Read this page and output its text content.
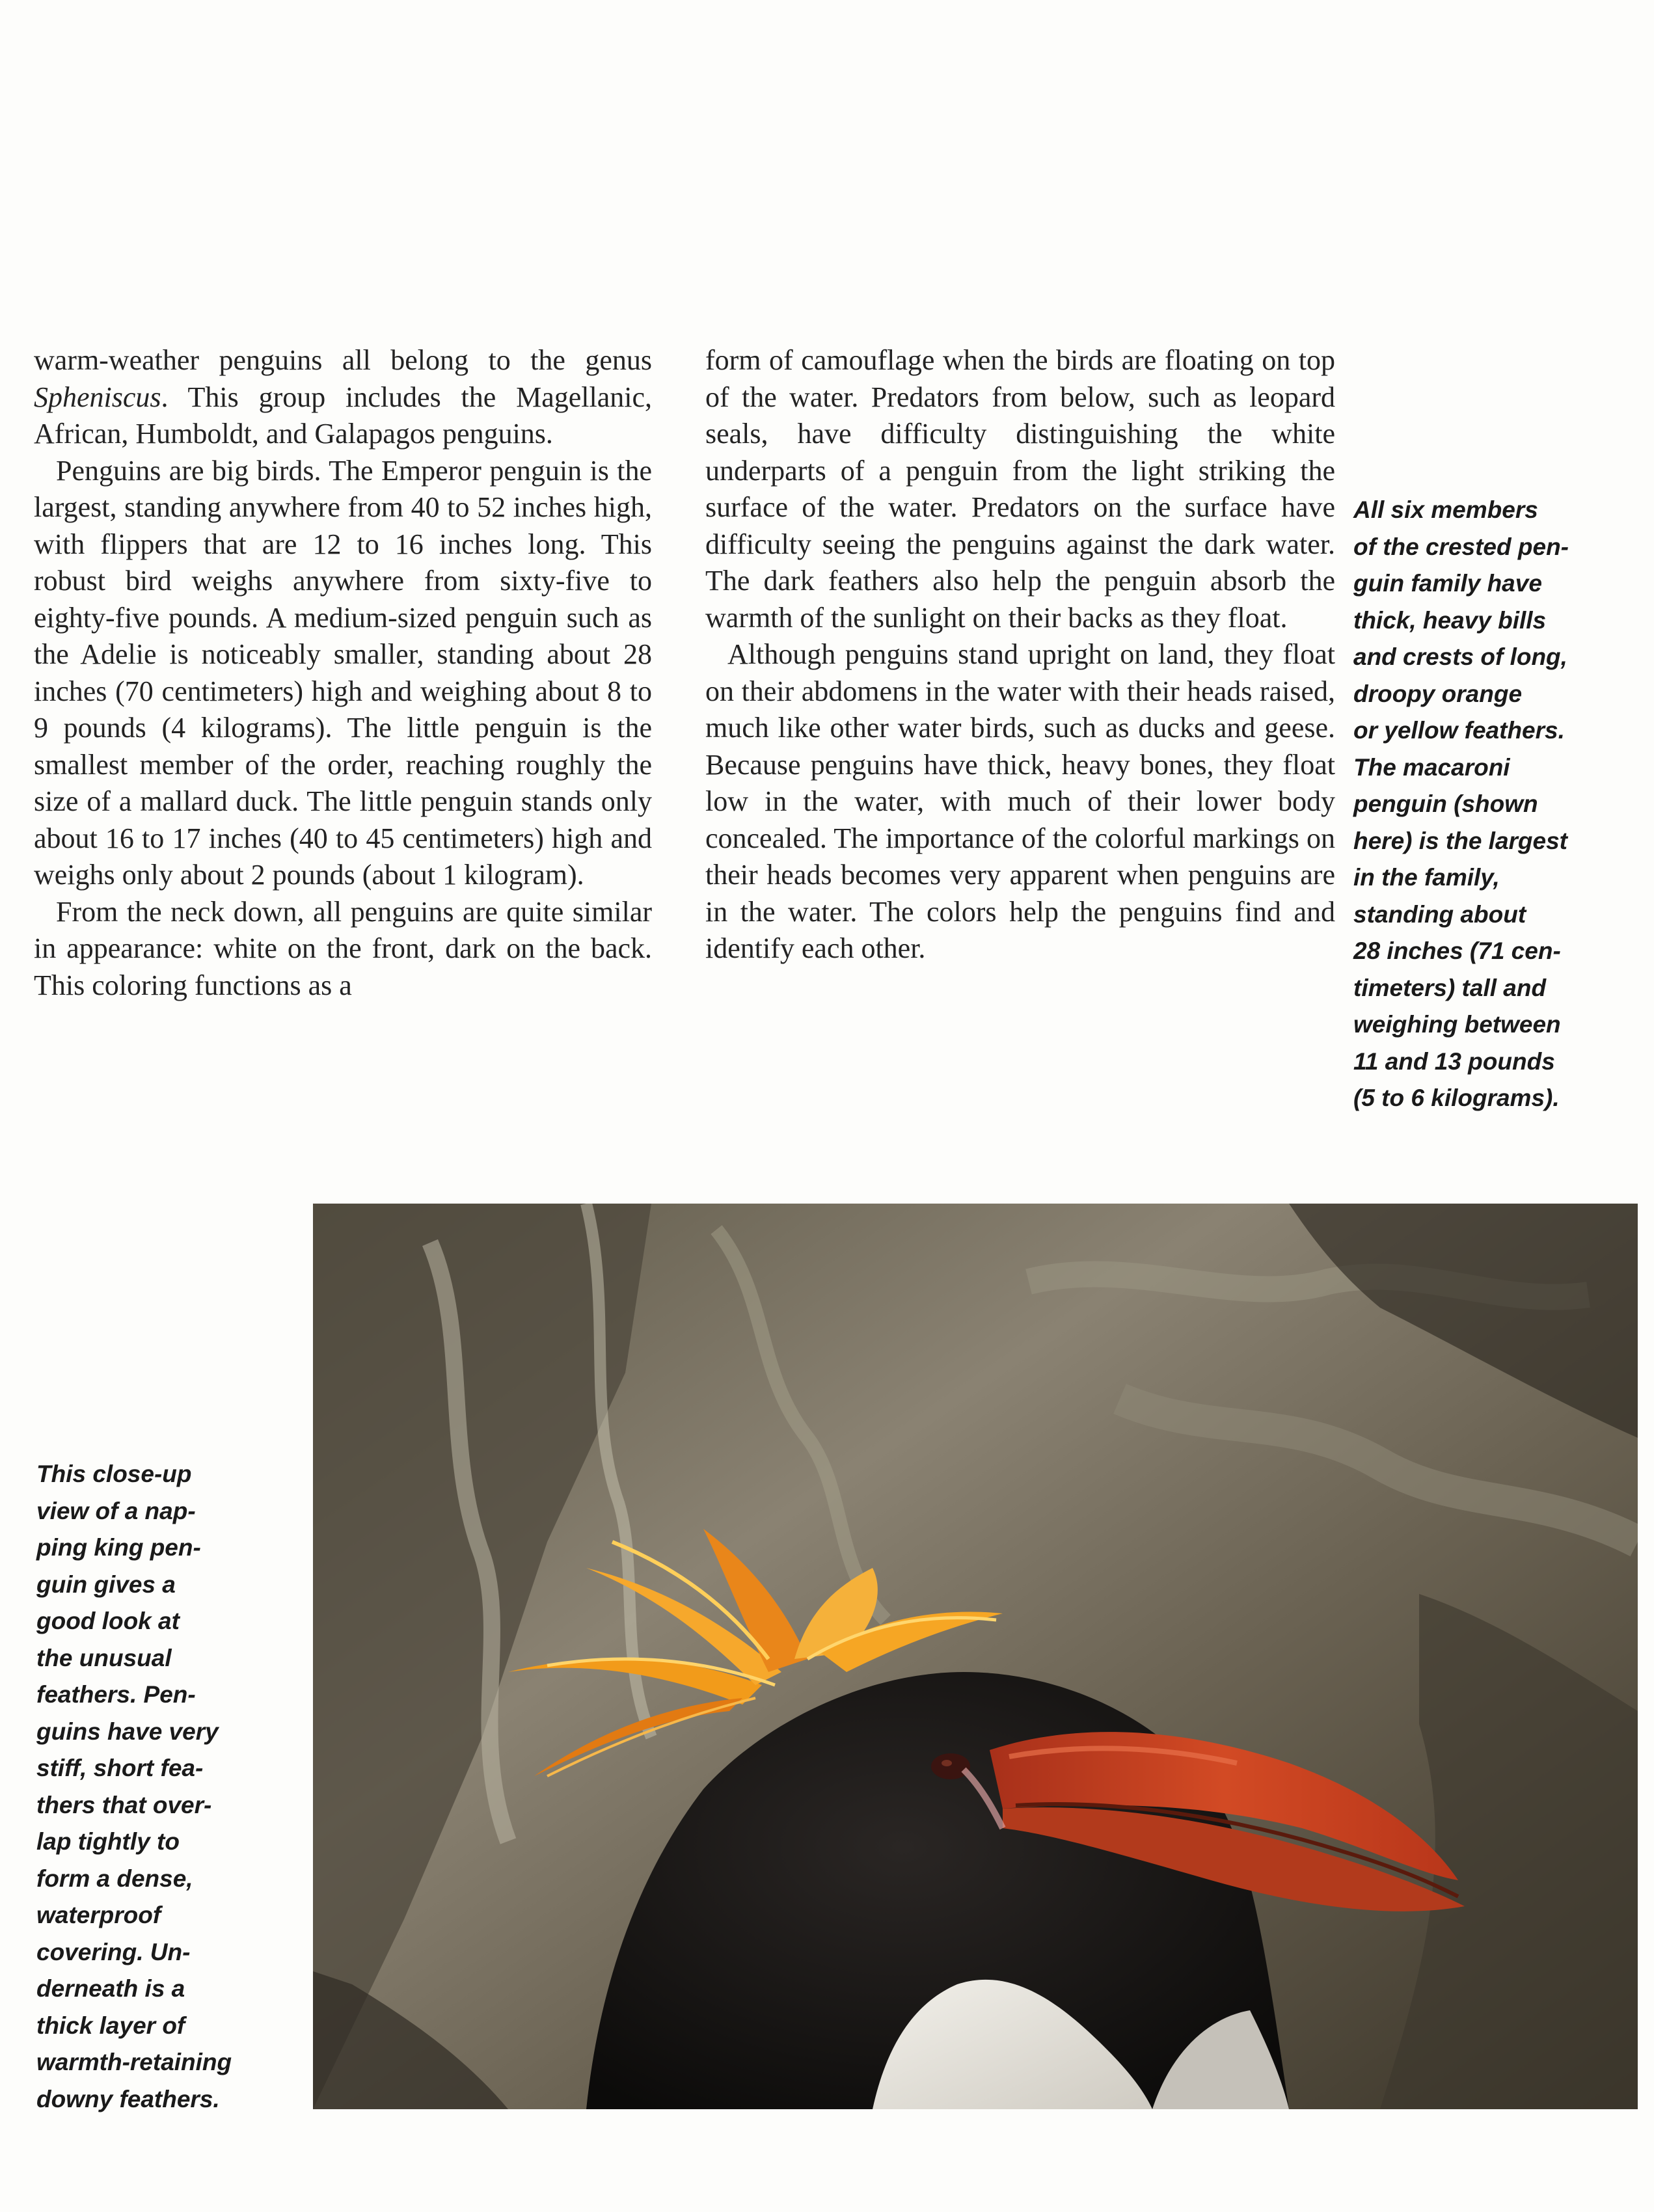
warm-weather penguins all belong to the genus Spheniscus. This group includes the Magellanic, African, Humboldt, and Galapagos penguins.

Penguins are big birds. The Emperor penguin is the largest, standing anywhere from 40 to 52 inches high, with flippers that are 12 to 16 inches long. This robust bird weighs anywhere from sixty-five to eighty-five pounds. A medium-sized penguin such as the Adelie is noticeably smaller, standing about 28 inches (70 centimeters) high and weighing about 8 to 9 pounds (4 kilograms). The little penguin is the smallest member of the order, reaching roughly the size of a mallard duck. The little penguin stands only about 16 to 17 inches (40 to 45 centimeters) high and weighs only about 2 pounds (about 1 kilogram).

From the neck down, all penguins are quite similar in appearance: white on the front, dark on the back. This coloring functions as a

form of camouflage when the birds are floating on top of the water. Predators from below, such as leopard seals, have difficulty distinguishing the white underparts of a penguin from the light striking the surface of the water. Predators on the surface have difficulty seeing the penguins against the dark water. The dark feathers also help the penguin absorb the warmth of the sunlight on their backs as they float.

Although penguins stand upright on land, they float on their abdomens in the water with their heads raised, much like other water birds, such as ducks and geese. Because penguins have thick, heavy bones, they float low in the water, with much of their lower body concealed. The importance of the colorful markings on their heads becomes very apparent when penguins are in the water. The colors help the penguins find and identify each other.

All six members
of the crested pen-
guin family have
thick, heavy bills
and crests of long,
droopy orange
or yellow feathers.
The macaroni
penguin (shown
here) is the largest
in the family,
standing about
28 inches (71 cen-
timeters) tall and
weighing between
11 and 13 pounds
(5 to 6 kilograms).
This close-up
view of a nap-
ping king pen-
guin gives a
good look at
the unusual
feathers. Pen-
guins have very
stiff, short fea-
thers that over-
lap tightly to
form a dense,
waterproof
covering. Un-
derneath is a
thick layer of
warmth-retaining
downy feathers.
